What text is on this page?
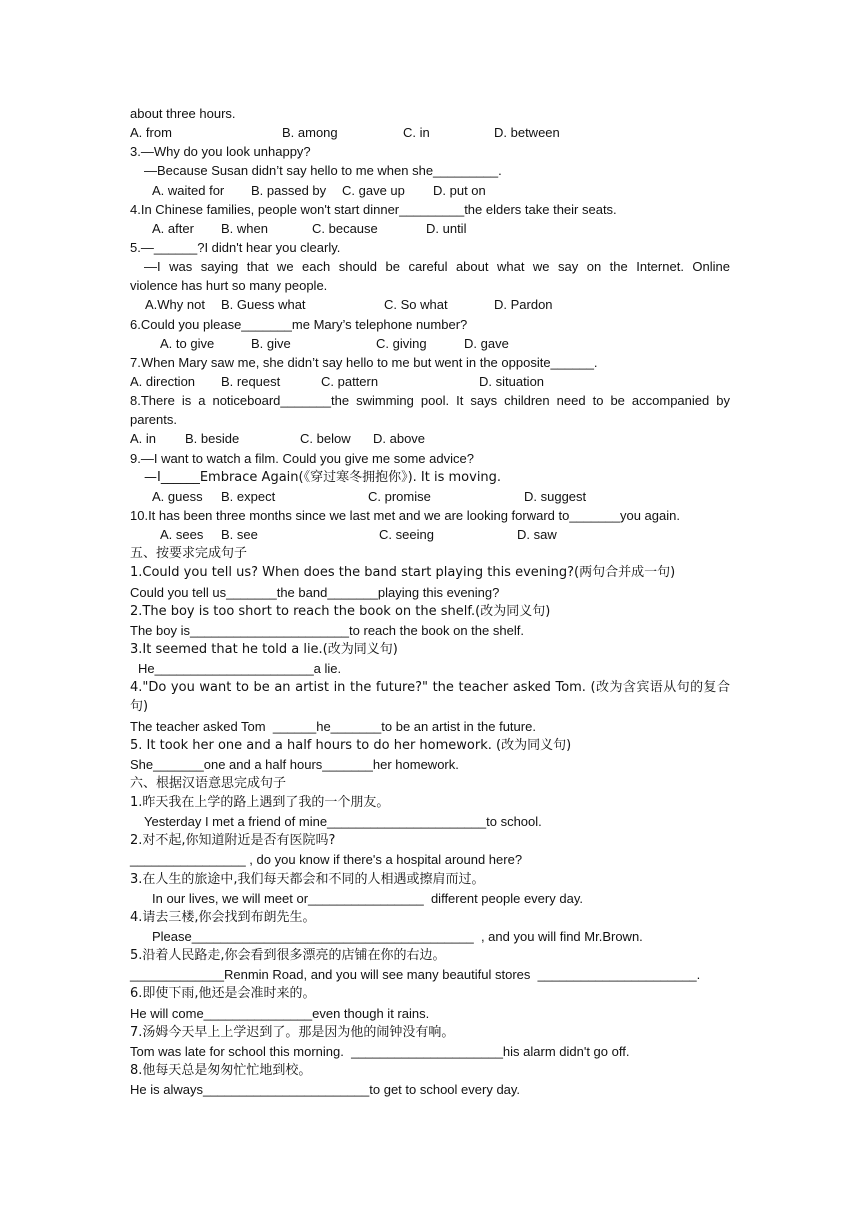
about three hours.

A. from

	B. among

	C. in

	D. between

3.—Why do you look unhappy?
—Because Susan didn’t say hello to me when she_________.

A. waited for

B. passed by

C. gave up

D. put on

4.In Chinese families, people won't start dinner_________the elders take their seats.

A. after

B. when

	C. because

	D. until

5.—______?I didn't hear you clearly.
—I was saying that we each should be careful about what we say on the Internet. Online
violence has hurt so many people.

A.Why not

B. Guess what

	C. So what

	D. Pardon

6.Could you please_______me Mary’s telephone number?

A. to give

	B. give

	C. giving

	D. gave

7.When Mary saw me, she didn’t say hello to me but went in the opposite______.

A. direction

B. request

	C. pattern

	D. situation

8.There is a noticeboard_______the swimming pool. It says children need to be accompanied by
parents.

A. in

B. beside

	C. below

D. above

9.—I want to watch a film. Could you give me some advice?
—I______Embrace Again(《穿过寒冬拥抱你》). It is moving.

A. guess

B. expect

	C. promise

	D. suggest

10.It has been three months since we last met and we are looking forward to_______you again.

A. sees

B. see

	C. seeing

	D. saw

五、按要求完成句子
1.Could you tell us? When does the band start playing this evening?(两句合并成一句)
Could you tell us_______the band_______playing this evening?
2.The boy is too short to reach the book on the shelf.(改为同义句)
The boy is______________________to reach the book on the shelf.
3.It seemed that he told a lie.(改为同义句)
He______________________a lie.
4."Do you want to be an artist in the future?" the teacher asked Tom. (改为含宾语从句的复合
句)
The teacher asked Tom  ______he_______to be an artist in the future.
5. It took her one and a half hours to do her homework. (改为同义句)
She_______one and a half hours_______her homework.
六、根据汉语意思完成句子
1.昨天我在上学的路上遇到了我的一个朋友。
Yesterday I met a friend of mine______________________to school.
2.对不起,你知道附近是否有医院吗?
________________ , do you know if there's a hospital around here?
3.在人生的旅途中,我们每天都会和不同的人相遇或擦肩而过。
In our lives, we will meet or________________  different people every day.
4.请去三楼,你会找到布朗先生。
Please_______________________________________  , and you will find Mr.Brown.
5.沿着人民路走,你会看到很多漂亮的店铺在你的右边。
_____________Renmin Road, and you will see many beautiful stores  ______________________.
6.即使下雨,他还是会准时来的。
He will come_______________even though it rains.
7.汤姆今天早上上学迟到了。那是因为他的闹钟没有响。
Tom was late for school this morning.  _____________________his alarm didn't go off.
8.他每天总是匆匆忙忙地到校。
He is always_______________________to get to school every day.
